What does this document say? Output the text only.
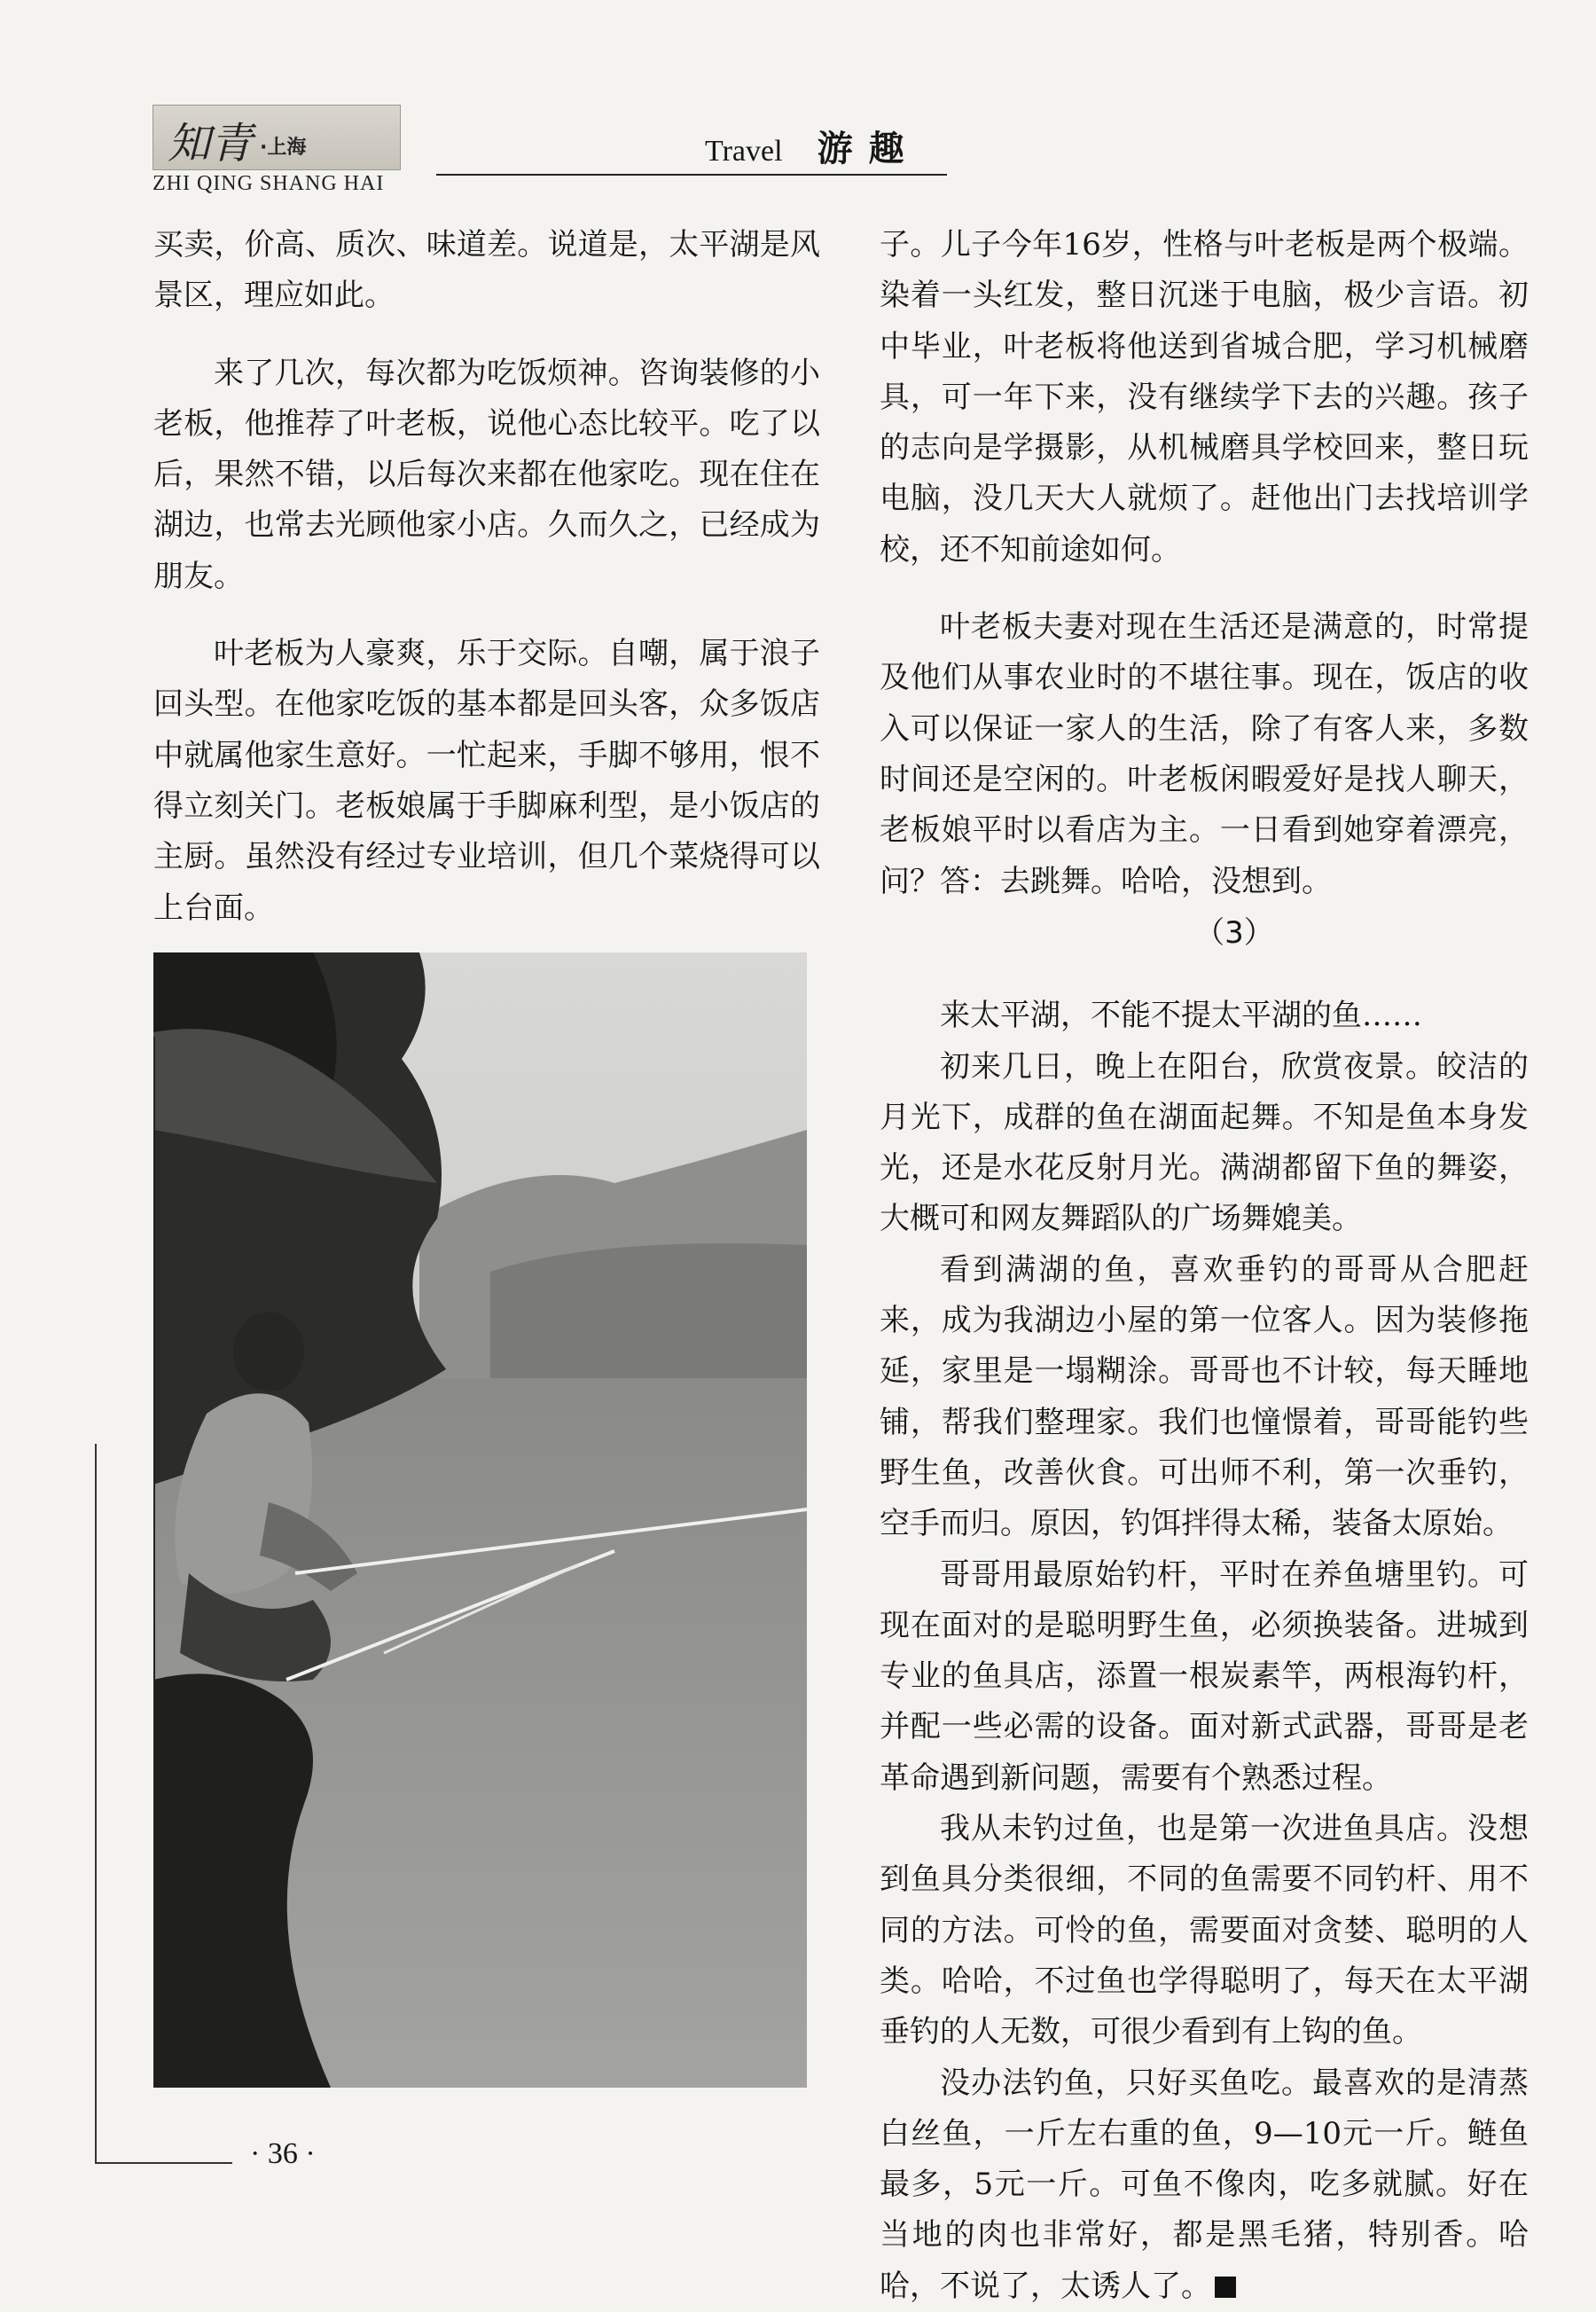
知青 ·上海
ZHI QING SHANG HAI
Travel 游趣

买卖，价高、质次、味道差。说道是，太平湖是风景区，理应如此。

来了几次，每次都为吃饭烦神。咨询装修的小老板，他推荐了叶老板，说他心态比较平。吃了以后，果然不错，以后每次来都在他家吃。现在住在湖边，也常去光顾他家小店。久而久之，已经成为朋友。

叶老板为人豪爽，乐于交际。自嘲，属于浪子回头型。在他家吃饭的基本都是回头客，众多饭店中就属他家生意好。一忙起来，手脚不够用，恨不得立刻关门。老板娘属于手脚麻利型，是小饭店的主厨。虽然没有经过专业培训，但几个菜烧得可以上台面。

子。儿子今年16岁，性格与叶老板是两个极端。染着一头红发，整日沉迷于电脑，极少言语。初中毕业，叶老板将他送到省城合肥，学习机械磨具，可一年下来，没有继续学下去的兴趣。孩子的志向是学摄影，从机械磨具学校回来，整日玩电脑，没几天大人就烦了。赶他出门去找培训学校，还不知前途如何。

叶老板夫妻对现在生活还是满意的，时常提及他们从事农业时的不堪往事。现在，饭店的收入可以保证一家人的生活，除了有客人来，多数时间还是空闲的。叶老板闲暇爱好是找人聊天，老板娘平时以看店为主。一日看到她穿着漂亮，问？答：去跳舞。哈哈，没想到。

（3）

来太平湖，不能不提太平湖的鱼……

初来几日，晚上在阳台，欣赏夜景。皎洁的月光下，成群的鱼在湖面起舞。不知是鱼本身发光，还是水花反射月光。满湖都留下鱼的舞姿，大概可和网友舞蹈队的广场舞媲美。

看到满湖的鱼，喜欢垂钓的哥哥从合肥赶来，成为我湖边小屋的第一位客人。因为装修拖延，家里是一塌糊涂。哥哥也不计较，每天睡地铺，帮我们整理家。我们也憧憬着，哥哥能钓些野生鱼，改善伙食。可出师不利，第一次垂钓，空手而归。原因，钓饵拌得太稀，装备太原始。

哥哥用最原始钓杆，平时在养鱼塘里钓。可现在面对的是聪明野生鱼，必须换装备。进城到专业的鱼具店，添置一根炭素竿，两根海钓杆，并配一些必需的设备。面对新式武器，哥哥是老革命遇到新问题，需要有个熟悉过程。

我从未钓过鱼，也是第一次进鱼具店。没想到鱼具分类很细，不同的鱼需要不同钓杆、用不同的方法。可怜的鱼，需要面对贪婪、聪明的人类。哈哈，不过鱼也学得聪明了，每天在太平湖垂钓的人无数，可很少看到有上钩的鱼。

没办法钓鱼，只好买鱼吃。最喜欢的是清蒸白丝鱼，一斤左右重的鱼，9—10元一斤。鲢鱼最多，5元一斤。可鱼不像肉，吃多就腻。好在当地的肉也非常好，都是黑毛猪，特别香。哈哈，不说了，太诱人了。

· 36 ·
